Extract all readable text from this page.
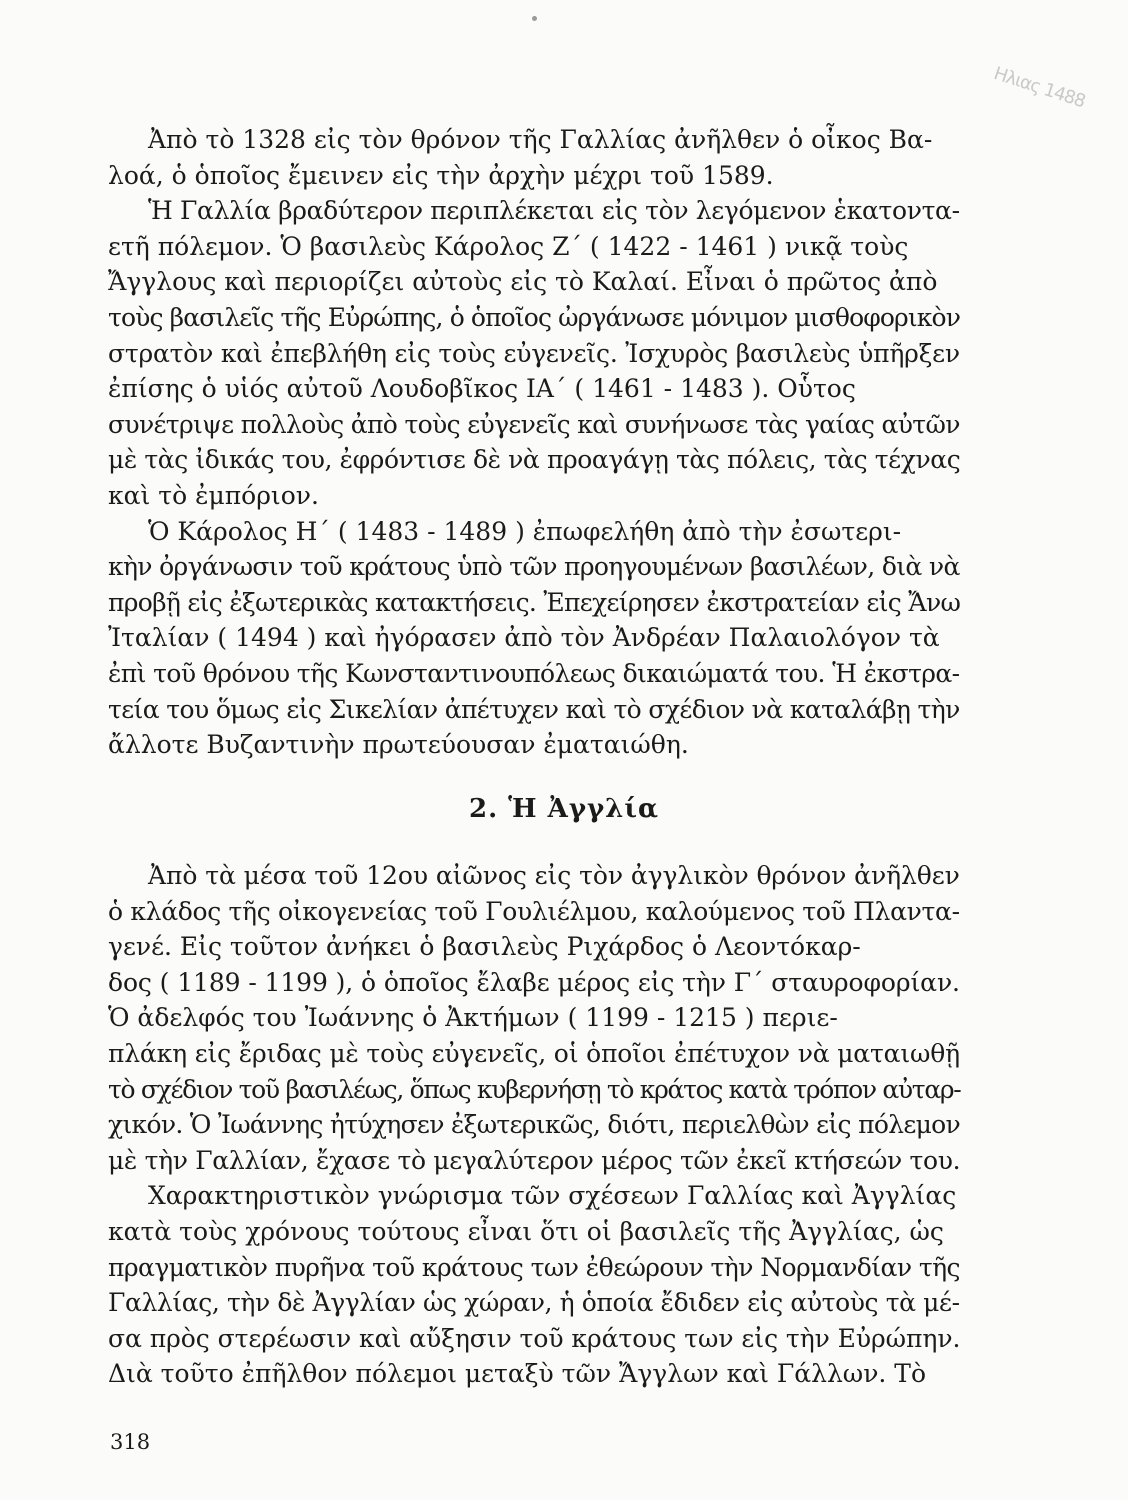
Ηλιας 1488
Ἀπὸ τὸ 1328 εἰς τὸν θρόνον τῆς Γαλλίας ἀνῆλθεν ὁ οἶκος Βα-
λοά, ὁ ὁποῖος ἔμεινεν εἰς τὴν ἀρχὴν μέχρι τοῦ 1589.
Ἡ Γαλλία βραδύτερον περιπλέκεται εἰς τὸν λεγόμενον ἑκατοντα-
ετῆ πόλεμον. Ὁ βασιλεὺς Κάρολος Ζ΄ ( 1422 - 1461 ) νικᾷ τοὺς
Ἄγγλους καὶ περιορίζει αὐτοὺς εἰς τὸ Καλαί. Εἶναι ὁ πρῶτος ἀπὸ
τοὺς βασιλεῖς τῆς Εὐρώπης, ὁ ὁποῖος ὠργάνωσε μόνιμον μισθοφορικὸν
στρατὸν καὶ ἐπεβλήθη εἰς τοὺς εὐγενεῖς. Ἰσχυρὸς βασιλεὺς ὑπῆρξεν
ἐπίσης ὁ υἱός αὐτοῦ Λουδοβῖκος ΙΑ΄ ( 1461 - 1483 ). Οὗτος
συνέτριψε πολλοὺς ἀπὸ τοὺς εὐγενεῖς καὶ συνήνωσε τὰς γαίας αὐτῶν
μὲ τὰς ἰδικάς του, ἐφρόντισε δὲ νὰ προαγάγῃ τὰς πόλεις, τὰς τέχνας
καὶ τὸ ἐμπόριον.
Ὁ Κάρολος Η΄ ( 1483 - 1489 ) ἐπωφελήθη ἀπὸ τὴν ἐσωτερι-
κὴν ὀργάνωσιν τοῦ κράτους ὑπὸ τῶν προηγουμένων βασιλέων, διὰ νὰ
προβῇ εἰς ἐξωτερικὰς κατακτήσεις. Ἐπεχείρησεν ἐκστρατείαν εἰς Ἄνω
Ἰταλίαν ( 1494 ) καὶ ἠγόρασεν ἀπὸ τὸν Ἀνδρέαν Παλαιολόγον τὰ
ἐπὶ τοῦ θρόνου τῆς Κωνσταντινουπόλεως δικαιώματά του. Ἡ ἐκστρα-
τεία του ὅμως εἰς Σικελίαν ἀπέτυχεν καὶ τὸ σχέδιον νὰ καταλάβῃ τὴν
ἄλλοτε Βυζαντινὴν πρωτεύουσαν ἐματαιώθη.
2. Ἡ Ἀγγλία
Ἀπὸ τὰ μέσα τοῦ 12ου αἰῶνος εἰς τὸν ἀγγλικὸν θρόνον ἀνῆλθεν
ὁ κλάδος τῆς οἰκογενείας τοῦ Γουλιέλμου, καλούμενος τοῦ Πλαντα-
γενέ. Εἰς τοῦτον ἀνήκει ὁ βασιλεὺς Ριχάρδος ὁ Λεοντόκαρ-
δος ( 1189 - 1199 ), ὁ ὁποῖος ἔλαβε μέρος εἰς τὴν Γ΄ σταυροφορίαν.
Ὁ ἀδελφός του Ἰωάννης ὁ Ἀκτήμων ( 1199 - 1215 ) περιε-
πλάκη εἰς ἔριδας μὲ τοὺς εὐγενεῖς, οἱ ὁποῖοι ἐπέτυχον νὰ ματαιωθῇ
τὸ σχέδιον τοῦ βασιλέως, ὅπως κυβερνήσῃ τὸ κράτος κατὰ τρόπον αὐταρ-
χικόν. Ὁ Ἰωάννης ἠτύχησεν ἐξωτερικῶς, διότι, περιελθὼν εἰς πόλεμον
μὲ τὴν Γαλλίαν, ἔχασε τὸ μεγαλύτερον μέρος τῶν ἐκεῖ κτήσεών του.
Χαρακτηριστικὸν γνώρισμα τῶν σχέσεων Γαλλίας καὶ Ἀγγλίας
κατὰ τοὺς χρόνους τούτους εἶναι ὅτι οἱ βασιλεῖς τῆς Ἀγγλίας, ὡς
πραγματικὸν πυρῆνα τοῦ κράτους των ἐθεώρουν τὴν Νορμανδίαν τῆς
Γαλλίας, τὴν δὲ Ἀγγλίαν ὡς χώραν, ἡ ὁποία ἔδιδεν εἰς αὐτοὺς τὰ μέ-
σα πρὸς στερέωσιν καὶ αὔξησιν τοῦ κράτους των εἰς τὴν Εὐρώπην.
Διὰ τοῦτο ἐπῆλθον πόλεμοι μεταξὺ τῶν Ἄγγλων καὶ Γάλλων. Τὸ
318
